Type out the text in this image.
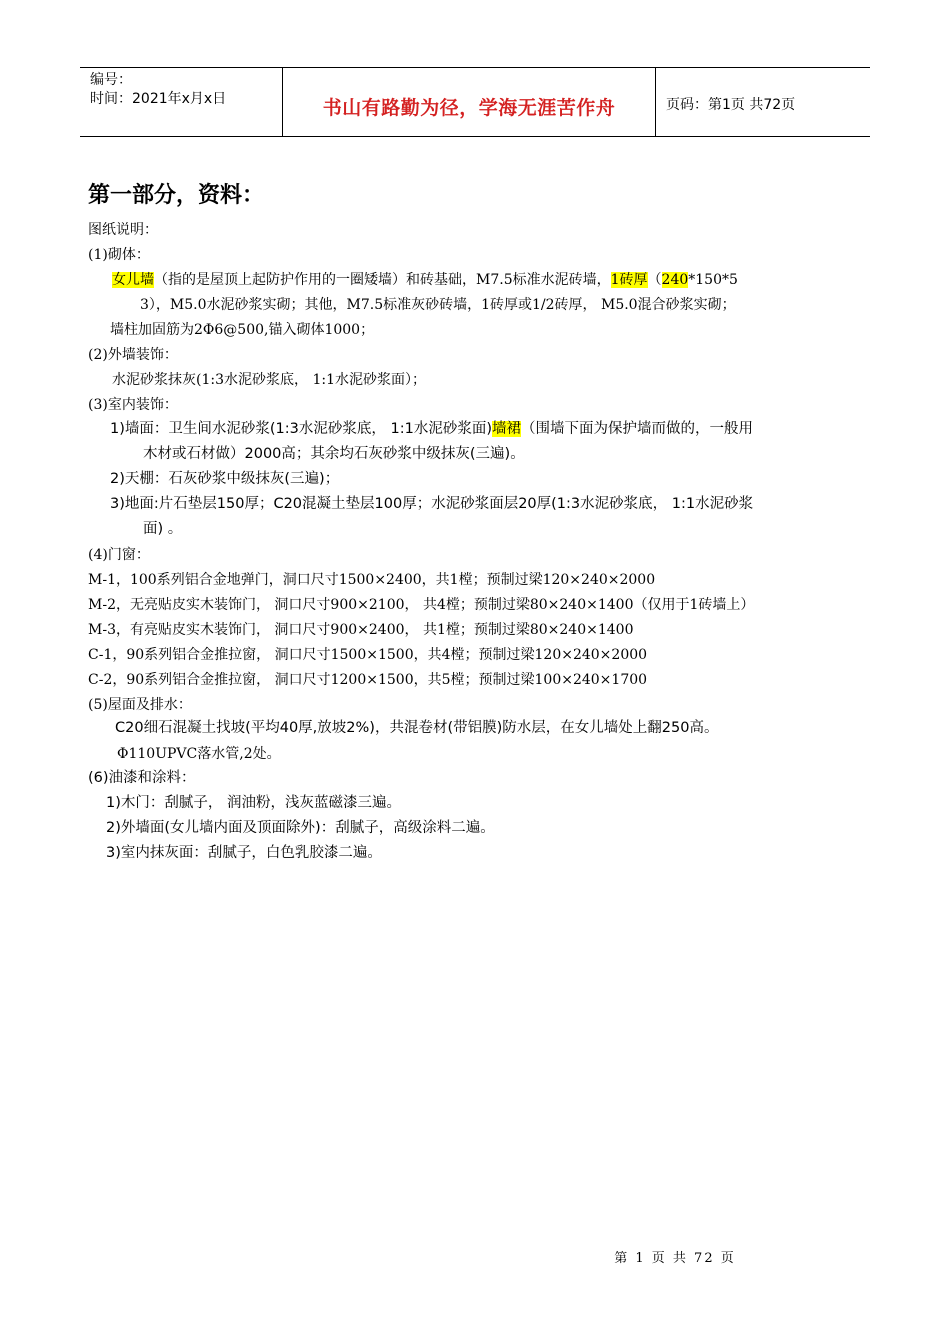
编号：
时间：2021年x月x日	书山有路勤为径，学海无涯苦作舟	页码：第1页 共72页
第一部分，资料：
图纸说明：
(1)砌体：
女儿墙（指的是屋顶上起防护作用的一圈矮墙）和砖基础，M⁡7.5标准水泥砖墙，1砖厚（240*150*5
3），M5.0水泥砂浆实砌；其他，M⁡7.5标准灰砂砖墙，1砖厚或1/2砖厚， M5.0混合砂浆实砌；
墙柱加固筋为2Φ6@500,锚入砌体1000；
(2)外墙装饰：
水泥砂浆抹灰(1:3水泥砂浆底， 1:1水泥砂浆面）；
(3)室内装饰：
1)墙面：卫生间水泥砂浆(1:3水泥砂浆底， 1:1水泥砂浆面)墙裙（围墙下面为保护墙而做的，一般用
木材或石材做）2000高；其余均石灰砂浆中级抹灰(三遍)。
2)天棚：石灰砂浆中级抹灰(三遍)；
3)地面:片石垫层150厚；C20混凝土垫层100厚；水泥砂浆面层20厚(1:3水泥砂浆底， 1:1水泥砂浆
面) 。
(4)门窗：
M-1，100系列铝合金地弹门，洞口尺寸1500×2400，共1樘；预制过梁120×240×2000
M-2，无亮贴皮实木装饰门， 洞口尺寸900×2100， 共4樘；预制过梁80×240×1400（仅用于1砖墙上）
M-3，有亮贴皮实木装饰门， 洞口尺寸900×2400， 共1樘；预制过梁80×240×1400
C-1，90系列铝合金推拉窗， 洞口尺寸1500×1500，共4樘；预制过梁120×240×2000
C-2，90系列铝合金推拉窗， 洞口尺寸1200×1500，共5樘；预制过梁100×240×1700
(5)屋面及排水：
C20细石混凝土找坡(平均40厚,放坡2%)，共混卷材(带铝膜)防水层，在女儿墙处上翻250高。
Φ110UPVC落水管,2处。
(6)油漆和涂料：
1)木门：刮腻子， 润油粉，浅灰蓝磁漆三遍。
2)外墙面(女儿墙内面及顶面除外)：刮腻子，高级涂料二遍。
3)室内抹灰面：刮腻子，白色乳胶漆二遍。
第 1 页 共 72 页
